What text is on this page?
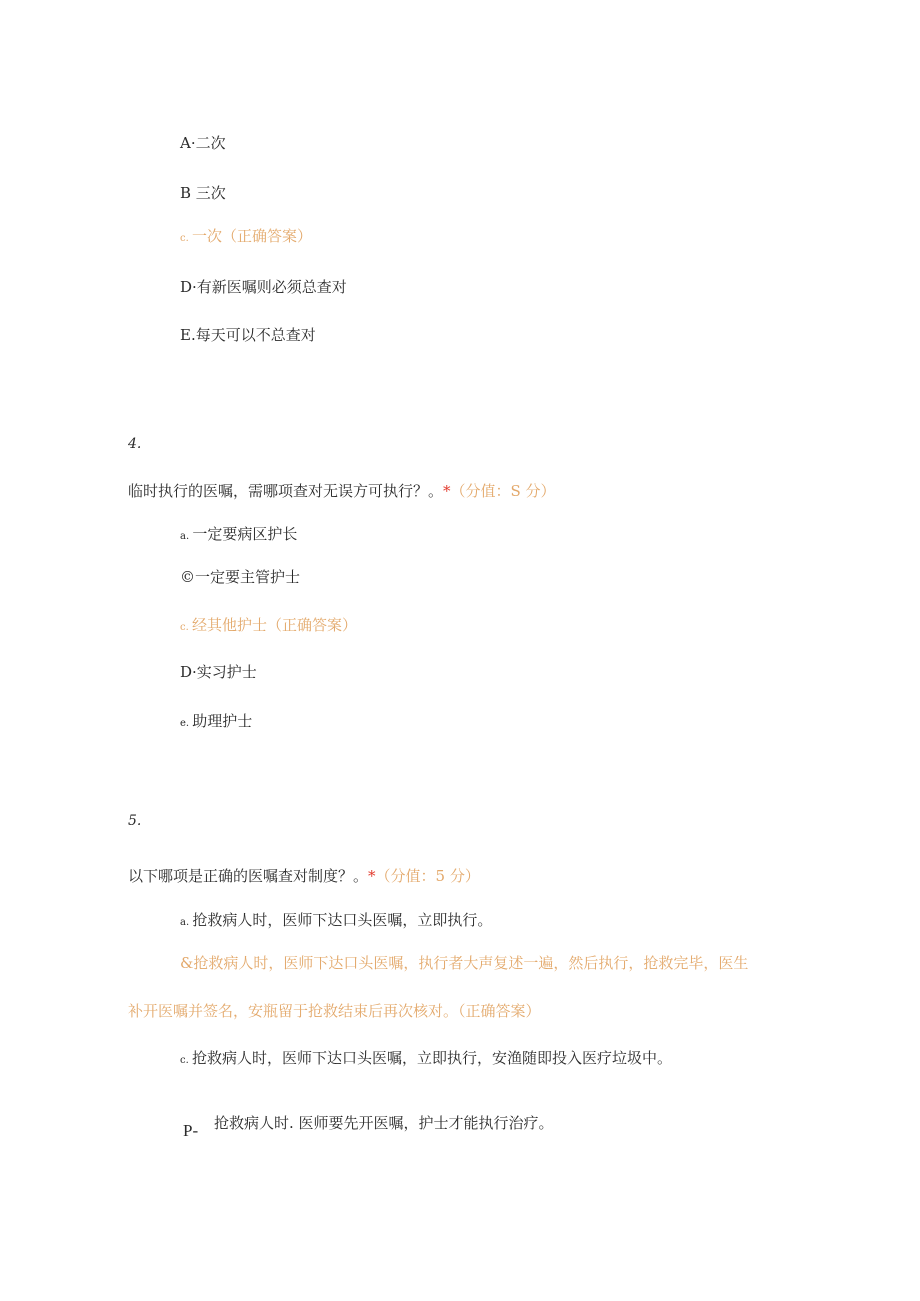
A·二次
B 三次
c. 一次（正确答案）
D·有新医嘱则必须总查对
E.每天可以不总查对
4.
临时执行的医嘱，需哪项查对无误方可执行？。*（分值：S 分）
a. 一定要病区护长
©一定要主管护士
c. 经其他护士（正确答案）
D·实习护士
e. 助理护士
5.
以下哪项是正确的医嘱查对制度？。*（分值：5 分）
a. 抢救病人时，医师下达口头医嘱，立即执行。
&抢救病人时，医师下达口头医嘱，执行者大声复述一遍，然后执行，抢救完毕，医生
补开医嘱并签名，安瓶留于抢救结束后再次核对。（正确答案）
c. 抢救病人时，医师下达口头医嘱，立即执行，安渔随即投入医疗垃圾中。
P- 抢救病人时. 医师要先开医嘱，护士才能执行治疗。
